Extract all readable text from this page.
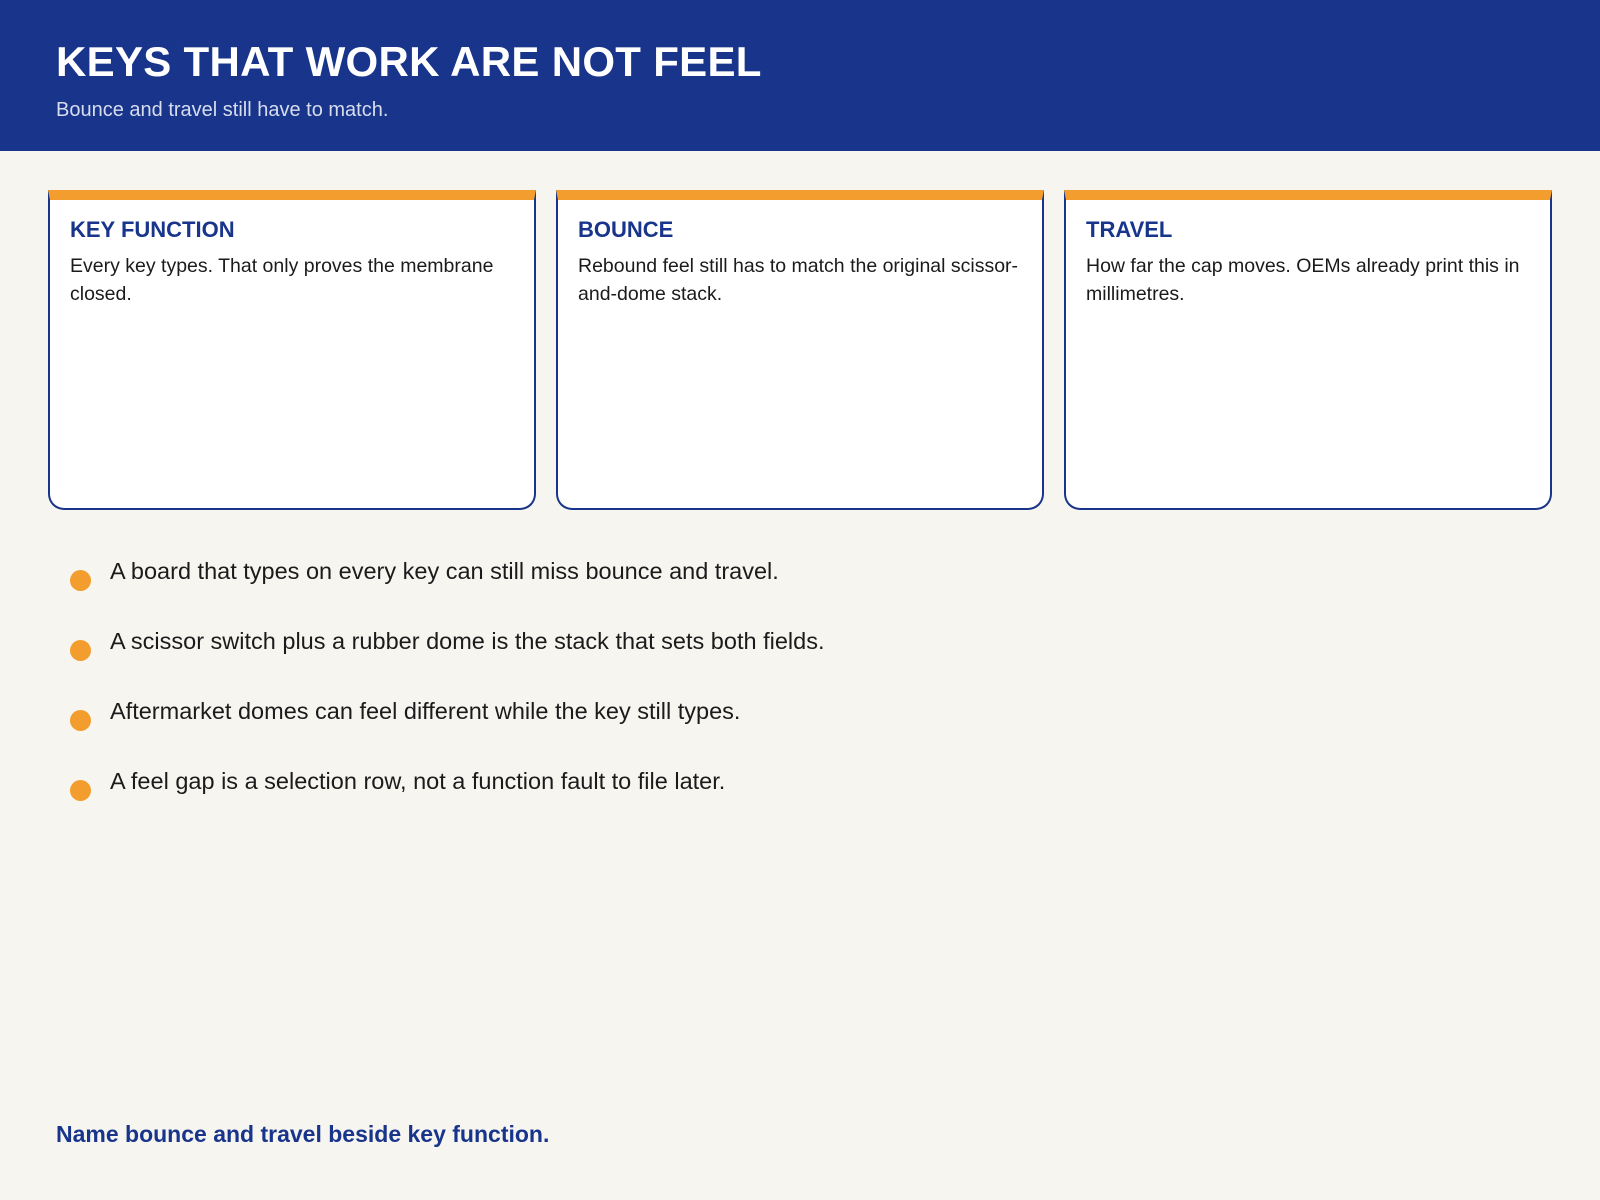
KEYS THAT WORK ARE NOT FEEL
Bounce and travel still have to match.
KEY FUNCTION
Every key types. That only proves the membrane closed.
BOUNCE
Rebound feel still has to match the original scissor-and-dome stack.
TRAVEL
How far the cap moves. OEMs already print this in millimetres.
A board that types on every key can still miss bounce and travel.
A scissor switch plus a rubber dome is the stack that sets both fields.
Aftermarket domes can feel different while the key still types.
A feel gap is a selection row, not a function fault to file later.
Name bounce and travel beside key function.
